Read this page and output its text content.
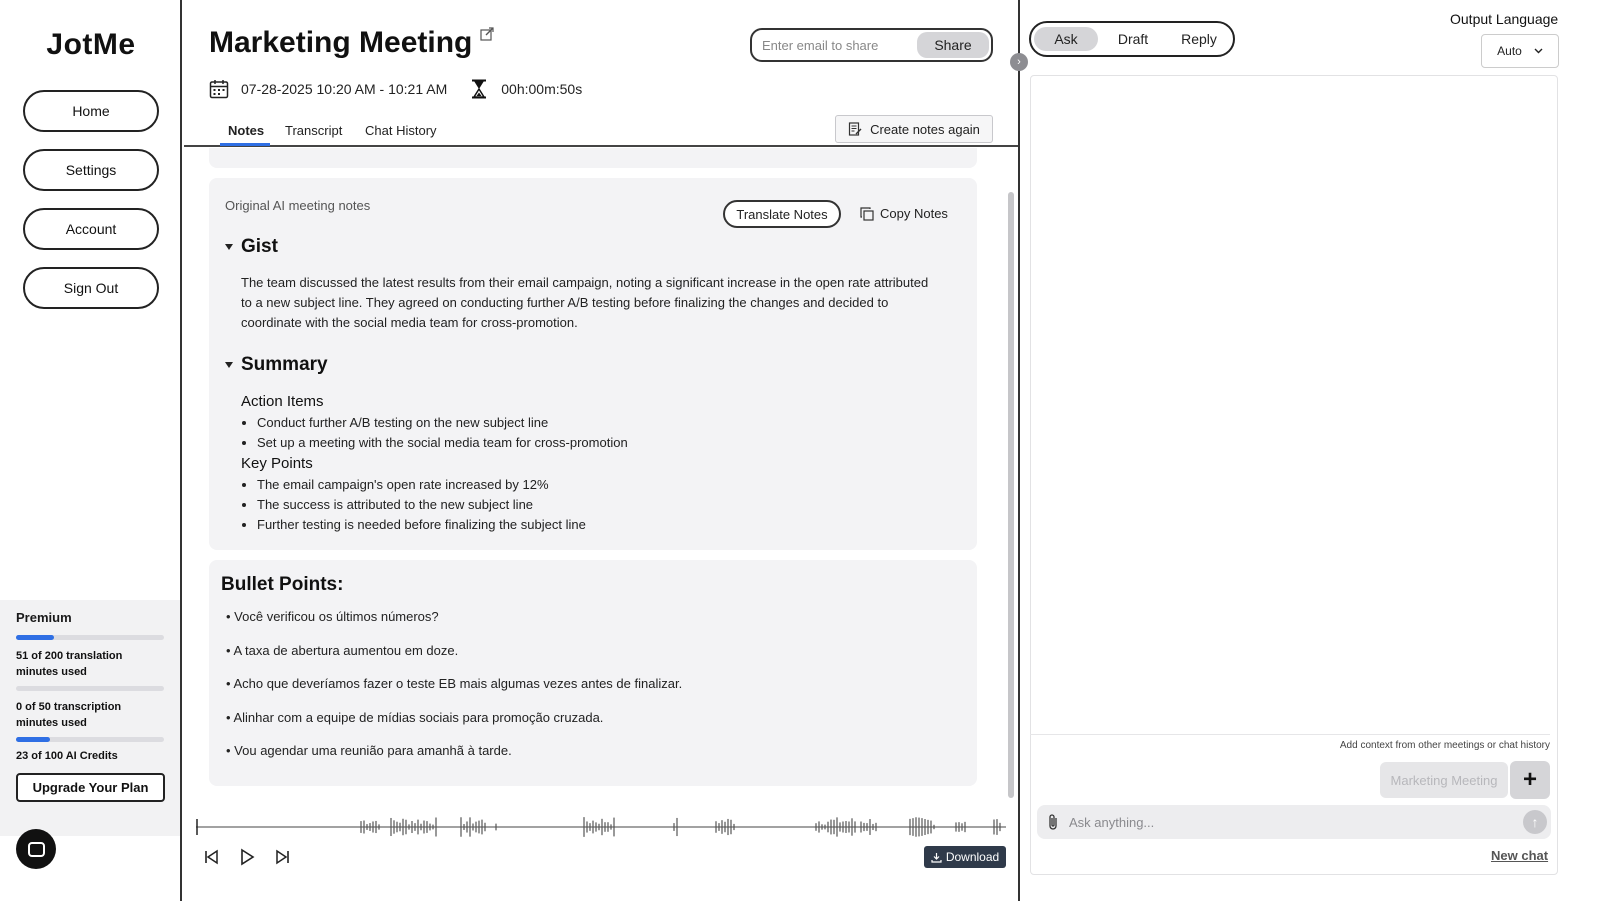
JotMe
Home
Settings
Account
Sign Out
Premium
51 of 200 translation minutes used
0 of 50 transcription minutes used
23 of 100 AI Credits
Upgrade Your Plan
Marketing Meeting
Enter email to share	Share
07-28-2025 10:20 AM - 10:21 AM	00h:00m:50s
Notes Transcript Chat History	Create notes again
Original AI meeting notes
Translate Notes	Copy Notes
Gist
The team discussed the latest results from their email campaign, noting a significant increase in the open rate attributed to a new subject line. They agreed on conducting further A/B testing before finalizing the changes and decided to coordinate with the social media team for cross-promotion.
Summary
Action Items
• Conduct further A/B testing on the new subject line
• Set up a meeting with the social media team for cross-promotion
Key Points
• The email campaign's open rate increased by 12%
• The success is attributed to the new subject line
• Further testing is needed before finalizing the subject line
Bullet Points:
• Você verificou os últimos números?
• A taxa de abertura aumentou em doze.
• Acho que deveríamos fazer o teste EB mais algumas vezes antes de finalizar.
• Alinhar com a equipe de mídias sociais para promoção cruzada.
• Vou agendar uma reunião para amanhã à tarde.
Download
›
Ask	Draft	Reply
Output Language
Auto
Add context from other meetings or chat history
Marketing Meeting	+
Ask anything...
↑
New chat
